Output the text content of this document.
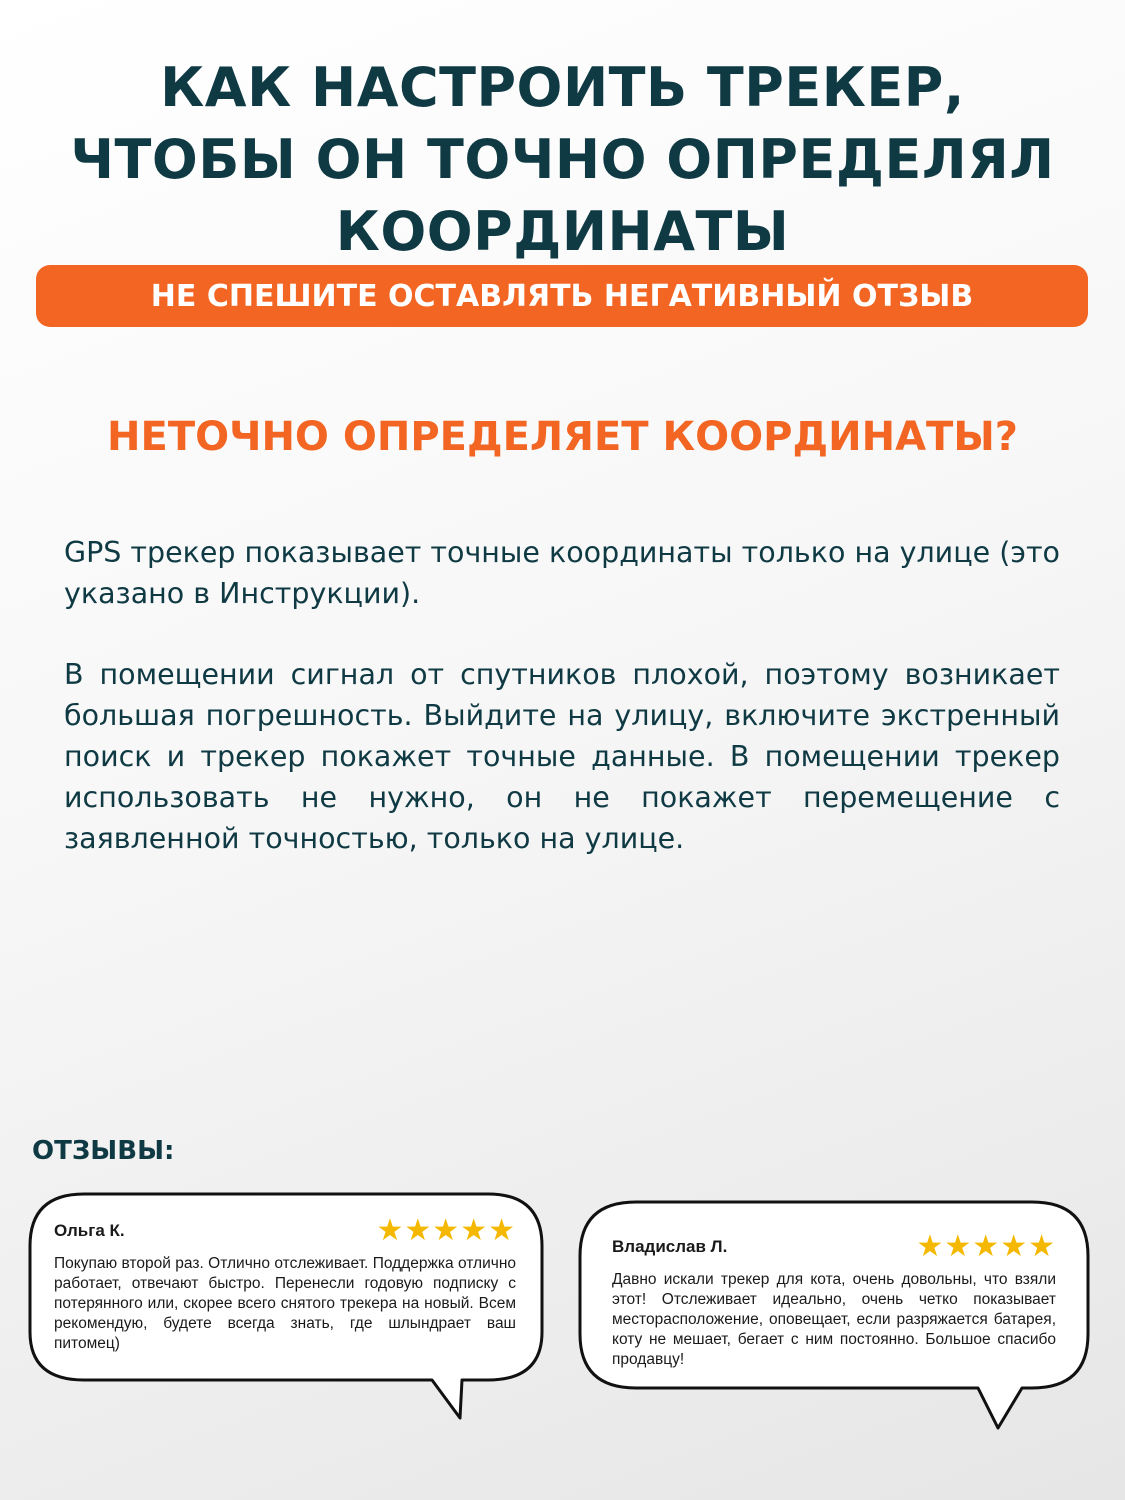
КАК НАСТРОИТЬ ТРЕКЕР,
ЧТОБЫ ОН ТОЧНО ОПРЕДЕЛЯЛ
КООРДИНАТЫ
НЕ СПЕШИТЕ ОСТАВЛЯТЬ НЕГАТИВНЫЙ ОТЗЫВ
НЕТОЧНО ОПРЕДЕЛЯЕТ КООРДИНАТЫ?
GPS трекер показывает точные координаты только на улице (это указано в Инструкции).
В помещении сигнал от спутников плохой, поэтому возникает большая погрешность. Выйдите на улицу, включите экстренный поиск и трекер покажет точные данные. В помещении трекер использовать не нужно, он не покажет перемещение с заявленной точностью, только на улице.
ОТЗЫВЫ:
Ольга К.	★★★★★
Покупаю второй раз. Отлично отслеживает. Поддержка отлично работает, отвечают быстро. Перенесли годовую подписку с потерянного или, скорее всего снятого трекера на новый. Всем рекомендую, будете всегда знать, где шлындрает ваш питомец)
Владислав Л.	★★★★★
Давно искали трекер для кота, очень довольны, что взяли этот! Отслеживает идеально, очень четко показывает месторасположение, оповещает, если разряжается батарея, коту не мешает, бегает с ним постоянно. Большое спасибо продавцу!
